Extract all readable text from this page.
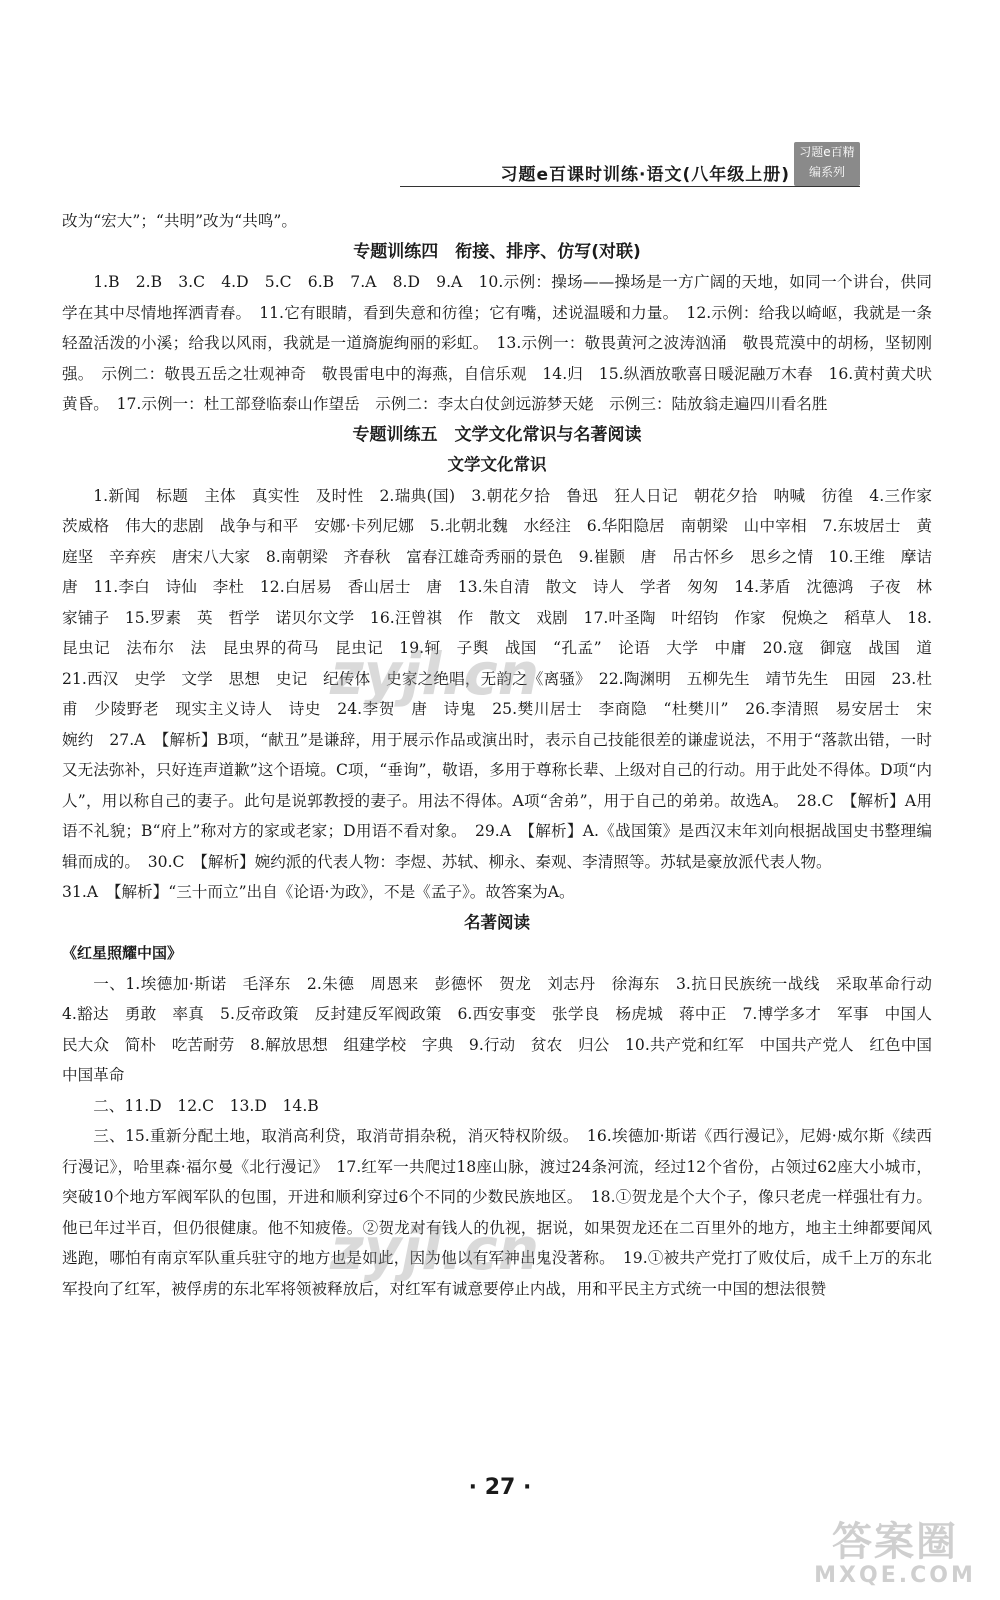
习题e百课时训练·语文(八年级上册)
习题e百精编系列

改为“宏大”；“共明”改为“共鸣”。

专题训练四　衔接、排序、仿写(对联)

1.B　2.B　3.C　4.D　5.C　6.B　7.A　8.D　9.A　10.示例：操场——操场是一方广阔的天地，如同一个讲台，供同学在其中尽情地挥洒青春。　11.它有眼睛，看到失意和彷徨；它有嘴，述说温暖和力量。　12.示例：给我以崎岖，我就是一条轻盈活泼的小溪；给我以风雨，我就是一道旖旎绚丽的彩虹。　13.示例一：敬畏黄河之波涛汹涌　敬畏荒漠中的胡杨，坚韧刚强。　示例二：敬畏五岳之壮观神奇　敬畏雷电中的海燕，自信乐观　14.归　15.纵酒放歌喜日暖泥融万木春　16.黄村黄犬吠黄昏。　17.示例一：杜工部登临泰山作望岳　示例二：李太白仗剑远游梦天姥　示例三：陆放翁走遍四川看名胜

专题训练五　文学文化常识与名著阅读

文学文化常识

1.新闻　标题　主体　真实性　及时性　2.瑞典(国)　3.朝花夕拾　鲁迅　狂人日记　朝花夕拾　呐喊　彷徨　4.三作家　茨威格　伟大的悲剧　战争与和平　安娜·卡列尼娜　5.北朝北魏　水经注　6.华阳隐居　南朝梁　山中宰相　7.东坡居士　黄庭坚　辛弃疾　唐宋八大家　8.南朝梁　齐春秋　富春江雄奇秀丽的景色　9.崔颢　唐　吊古怀乡　思乡之情　10.王维　摩诘　唐　11.李白　诗仙　李杜　12.白居易　香山居士　唐　13.朱自清　散文　诗人　学者　匆匆　14.茅盾　沈德鸿　子夜　林家铺子　15.罗素　英　哲学　诺贝尔文学　16.汪曾祺　作　散文　戏剧　17.叶圣陶　叶绍钧　作家　倪焕之　稻草人　18.昆虫记　法布尔　法　昆虫界的荷马　昆虫记　19.轲　子舆　战国　“孔孟”　论语　大学　中庸　20.寇　御寇　战国　道　21.西汉　史学　文学　思想　史记　纪传体　史家之绝唱，无韵之《离骚》　22.陶渊明　五柳先生　靖节先生　田园　23.杜甫　少陵野老　现实主义诗人　诗史　24.李贺　唐　诗鬼　25.樊川居士　李商隐　“杜樊川”　26.李清照　易安居士　宋　婉约　27.A　【解析】B项，“献丑”是谦辞，用于展示作品或演出时，表示自己技能很差的谦虚说法，不用于“落款出错，一时又无法弥补，只好连声道歉”这个语境。C项，“垂询”，敬语，多用于尊称长辈、上级对自己的行动。用于此处不得体。D项“内人”，用以称自己的妻子。此句是说郭教授的妻子。用法不得体。A项“舍弟”，用于自己的弟弟。故选A。　28.C　【解析】A用语不礼貌；B“府上”称对方的家或老家；D用语不看对象。　29.A　【解析】A.《战国策》是西汉末年刘向根据战国史书整理编辑而成的。　30.C　【解析】婉约派的代表人物：李煜、苏轼、柳永、秦观、李清照等。苏轼是豪放派代表人物。

31.A　【解析】“三十而立”出自《论语·为政》，不是《孟子》。故答案为A。

名著阅读

《红星照耀中国》

一、1.埃德加·斯诺　毛泽东　2.朱德　周恩来　彭德怀　贺龙　刘志丹　徐海东　3.抗日民族统一战线　采取革命行动　4.豁达　勇敢　率真　5.反帝政策　反封建反军阀政策　6.西安事变　张学良　杨虎城　蒋中正　7.博学多才　军事　中国人民大众　简朴　吃苦耐劳　8.解放思想　组建学校　字典　9.行动　贫农　归公　10.共产党和红军　中国共产党人　红色中国　中国革命

二、11.D　12.C　13.D　14.B

三、15.重新分配土地，取消高利贷，取消苛捐杂税，消灭特权阶级。　16.埃德加·斯诺《西行漫记》，尼姆·威尔斯《续西行漫记》，哈里森·福尔曼《北行漫记》　17.红军一共爬过18座山脉，渡过24条河流，经过12个省份，占领过62座大小城市，突破10个地方军阀军队的包围，开进和顺利穿过6个不同的少数民族地区。　18.①贺龙是个大个子，像只老虎一样强壮有力。他已年过半百，但仍很健康。他不知疲倦。②贺龙对有钱人的仇视，据说，如果贺龙还在二百里外的地方，地主土绅都要闻风逃跑，哪怕有南京军队重兵驻守的地方也是如此，因为他以有军神出鬼没著称。　19.①被共产党打了败仗后，成千上万的东北军投向了红军，被俘虏的东北军将领被释放后，对红军有诚意要停止内战，用和平民主方式统一中国的想法很赞

zyjl.cn
zyjl.cn
· 27 ·
答案圈
MXQE.COM
